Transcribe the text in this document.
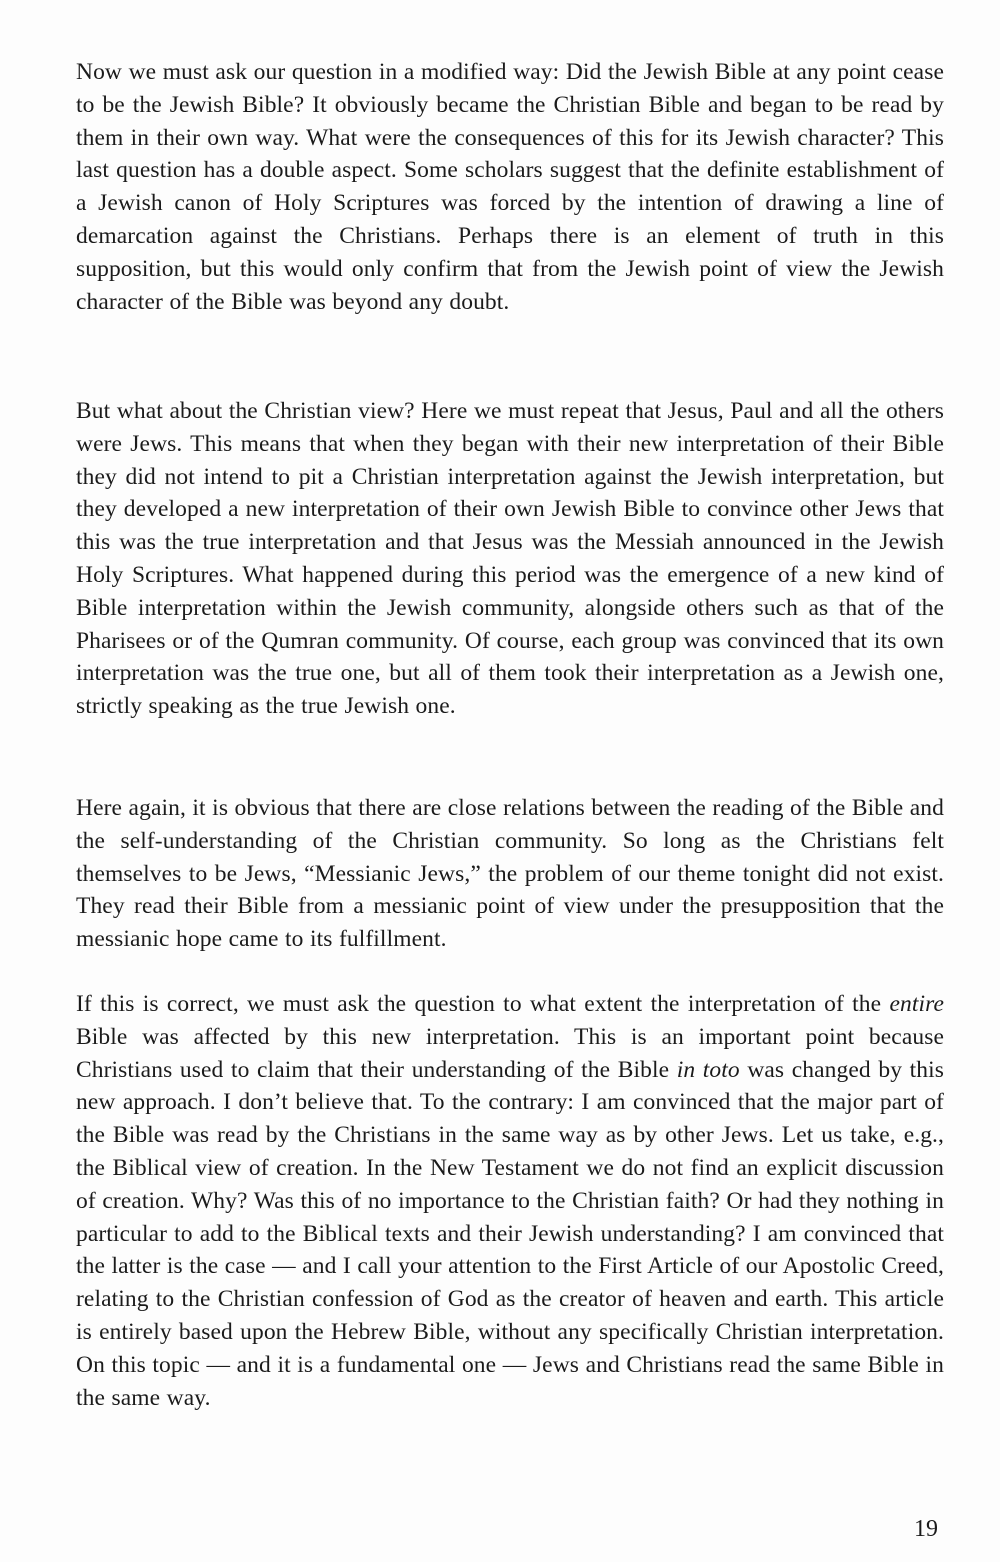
Now we must ask our question in a modified way: Did the Jewish Bible at any point cease to be the Jewish Bible? It obviously became the Christian Bible and began to be read by them in their own way. What were the consequences of this for its Jewish character? This last question has a double aspect. Some scholars suggest that the definite establishment of a Jewish canon of Holy Scriptures was forced by the intention of drawing a line of demarcation against the Christians. Perhaps there is an element of truth in this supposition, but this would only confirm that from the Jewish point of view the Jewish character of the Bible was beyond any doubt.

But what about the Christian view? Here we must repeat that Jesus, Paul and all the others were Jews. This means that when they began with their new interpretation of their Bible they did not intend to pit a Christian interpretation against the Jewish interpretation, but they developed a new interpretation of their own Jewish Bible to convince other Jews that this was the true interpretation and that Jesus was the Messiah announced in the Jewish Holy Scriptures. What happened during this period was the emergence of a new kind of Bible interpretation within the Jewish community, alongside others such as that of the Pharisees or of the Qumran community. Of course, each group was convinced that its own interpretation was the true one, but all of them took their interpretation as a Jewish one, strictly speaking as the true Jewish one.

Here again, it is obvious that there are close relations between the reading of the Bible and the self-understanding of the Christian community. So long as the Christians felt themselves to be Jews, “Messianic Jews,” the problem of our theme tonight did not exist. They read their Bible from a messianic point of view under the presupposition that the messianic hope came to its fulfillment.

If this is correct, we must ask the question to what extent the interpretation of the entire Bible was affected by this new interpretation. This is an important point because Christians used to claim that their understanding of the Bible in toto was changed by this new approach. I don’t believe that. To the contrary: I am convinced that the major part of the Bible was read by the Christians in the same way as by other Jews. Let us take, e.g., the Biblical view of creation. In the New Testament we do not find an explicit discussion of creation. Why? Was this of no importance to the Christian faith? Or had they nothing in particular to add to the Biblical texts and their Jewish understanding? I am convinced that the latter is the case — and I call your attention to the First Article of our Apostolic Creed, relating to the Christian confession of God as the creator of heaven and earth. This article is entirely based upon the Hebrew Bible, without any specifically Christian interpretation. On this topic — and it is a fundamental one — Jews and Christians read the same Bible in the same way.

19
